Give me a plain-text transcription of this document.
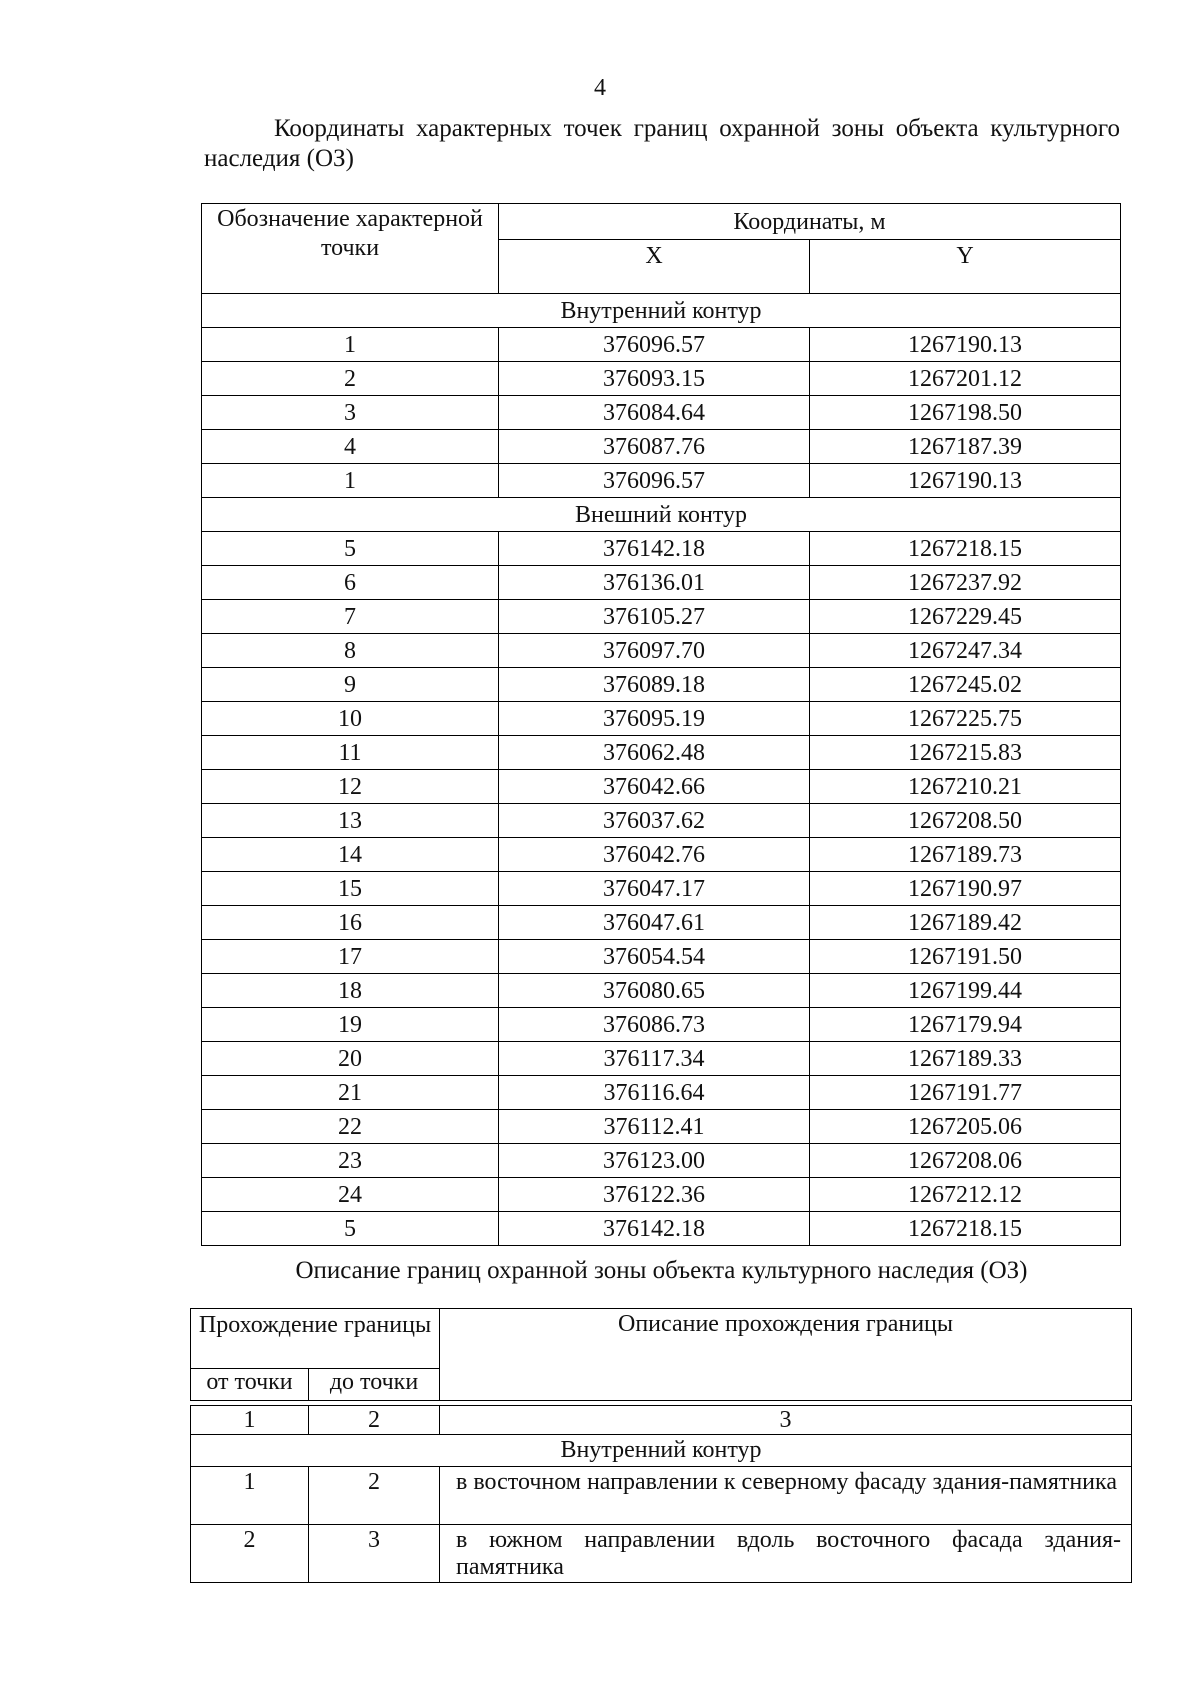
4
Координаты характерных точек границ охранной зоны объекта культурного наследия (ОЗ)
Обозначение характерной точки	Координаты, м	
	X	Y
Внутренний контур		
1	376096.57	1267190.13
2	376093.15	1267201.12
3	376084.64	1267198.50
4	376087.76	1267187.39
1	376096.57	1267190.13
Внешний контур		
5	376142.18	1267218.15
6	376136.01	1267237.92
7	376105.27	1267229.45
8	376097.70	1267247.34
9	376089.18	1267245.02
10	376095.19	1267225.75
11	376062.48	1267215.83
12	376042.66	1267210.21
13	376037.62	1267208.50
14	376042.76	1267189.73
15	376047.17	1267190.97
16	376047.61	1267189.42
17	376054.54	1267191.50
18	376080.65	1267199.44
19	376086.73	1267179.94
20	376117.34	1267189.33
21	376116.64	1267191.77
22	376112.41	1267205.06
23	376123.00	1267208.06
24	376122.36	1267212.12
5	376142.18	1267218.15
Описание границ охранной зоны объекта культурного наследия (ОЗ)
Прохождение границы		Описание прохождения границы
от точки	до точки	

1	2	3
Внутренний контур		
1	2	в восточном направлении к северному фасаду здания-памятника
2	3	в южном направлении вдоль восточного фасада здания-памятника
